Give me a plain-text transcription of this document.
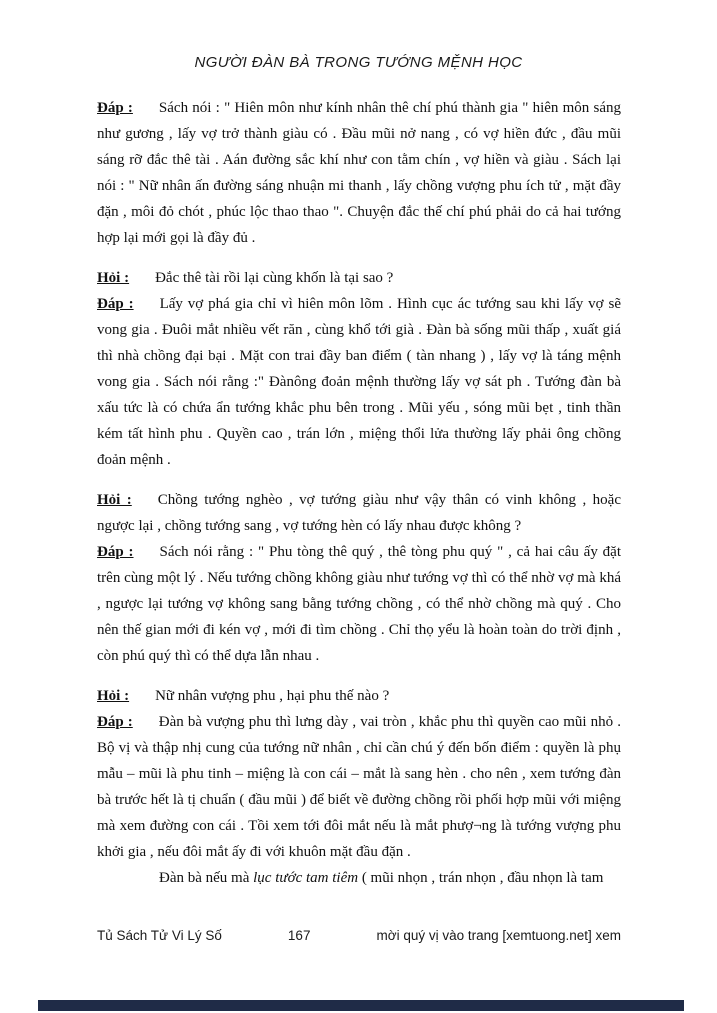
NGƯỜI ĐÀN BÀ TRONG TƯỚNG MỆNH HỌC

Đáp : Sách nói : " Hiên môn như kính nhân thê chí phú thành gia " hiên môn sáng như gương , lấy vợ trở thành giàu có . Đầu mũi nở nang , có vợ hiền đức , đầu mũi sáng rỡ đắc thê tài . Aán đường sắc khí như con tằm chín , vợ hiền và giàu . Sách lại nói : " Nữ nhân ấn đường sáng nhuận mi thanh , lấy chồng vượng phu ích tử , mặt đầy đặn , môi đỏ chót , phúc lộc thao thao ". Chuyện đắc thế chí phú phải do cả hai tướng hợp lại mới gọi là đầy đủ .

Hỏi : Đắc thê tài rồi lại cùng khốn là tại sao ?

Đáp : Lấy vợ phá gia chỉ vì hiên môn lõm . Hình cục ác tướng sau khi lấy vợ sẽ vong gia . Đuôi mắt nhiều vết răn , cùng khổ tới già . Đàn bà sống mũi thấp , xuất giá thì nhà chồng đại bại . Mặt con trai đầy ban điểm ( tàn nhang ) , lấy vợ là táng mệnh vong gia . Sách nói rằng :" Đànông đoản mệnh thường lấy vợ sát ph . Tướng đàn bà xấu tức là có chứa ẩn tướng khắc phu bên trong . Mũi yếu , sóng mũi bẹt , tinh thần kém tất hình phu . Quyền cao , trán lớn , miệng thổi lửa thường lấy phải ông chồng đoản mệnh .

Hỏi : Chồng tướng nghèo , vợ tướng giàu như vậy thân có vinh không , hoặc ngược lại , chồng tướng sang , vợ tướng hèn có lấy nhau được không ?

Đáp : Sách nói rằng : " Phu tòng thê quý , thê tòng phu quý " , cả hai câu ấy đặt trên cùng một lý . Nếu tướng chồng không giàu như tướng vợ thì có thể nhờ vợ mà khá , ngược lại tướng vợ không sang bằng tướng chồng , có thể nhờ chồng mà quý . Cho nên thế gian mới đi kén vợ , mới đi tìm chồng . Chỉ thọ yểu là hoàn toàn do trời định , còn phú quý thì có thể dựa lẫn nhau .

Hỏi : Nữ nhân vượng phu , hại phu thế nào ?

Đáp : Đàn bà vượng phu thì lưng dày , vai tròn , khắc phu thì quyền cao mũi nhỏ . Bộ vị và thập nhị cung của tướng nữ nhân , chỉ cần chú ý đến bốn điểm : quyền là phụ mẫu – mũi là phu tinh – miệng là con cái – mắt là sang hèn . cho nên , xem tướng đàn bà trước hết là tị chuẩn ( đầu mũi ) để biết về đường chồng rồi phối hợp mũi với miệng mà xem đường con cái . Tồi xem tới đôi mắt nếu là mắt phượ¬ng là tướng vượng phu khởi gia , nếu đôi mắt ấy đi với khuôn mặt đầu đặn .

Đàn bà nếu mà lục tước tam tiêm ( mũi nhọn , trán nhọn , đầu nhọn là tam

Tủ Sách Tử Vi Lý Số	167	mời quý vị vào trang [xemtuong.net] xem
